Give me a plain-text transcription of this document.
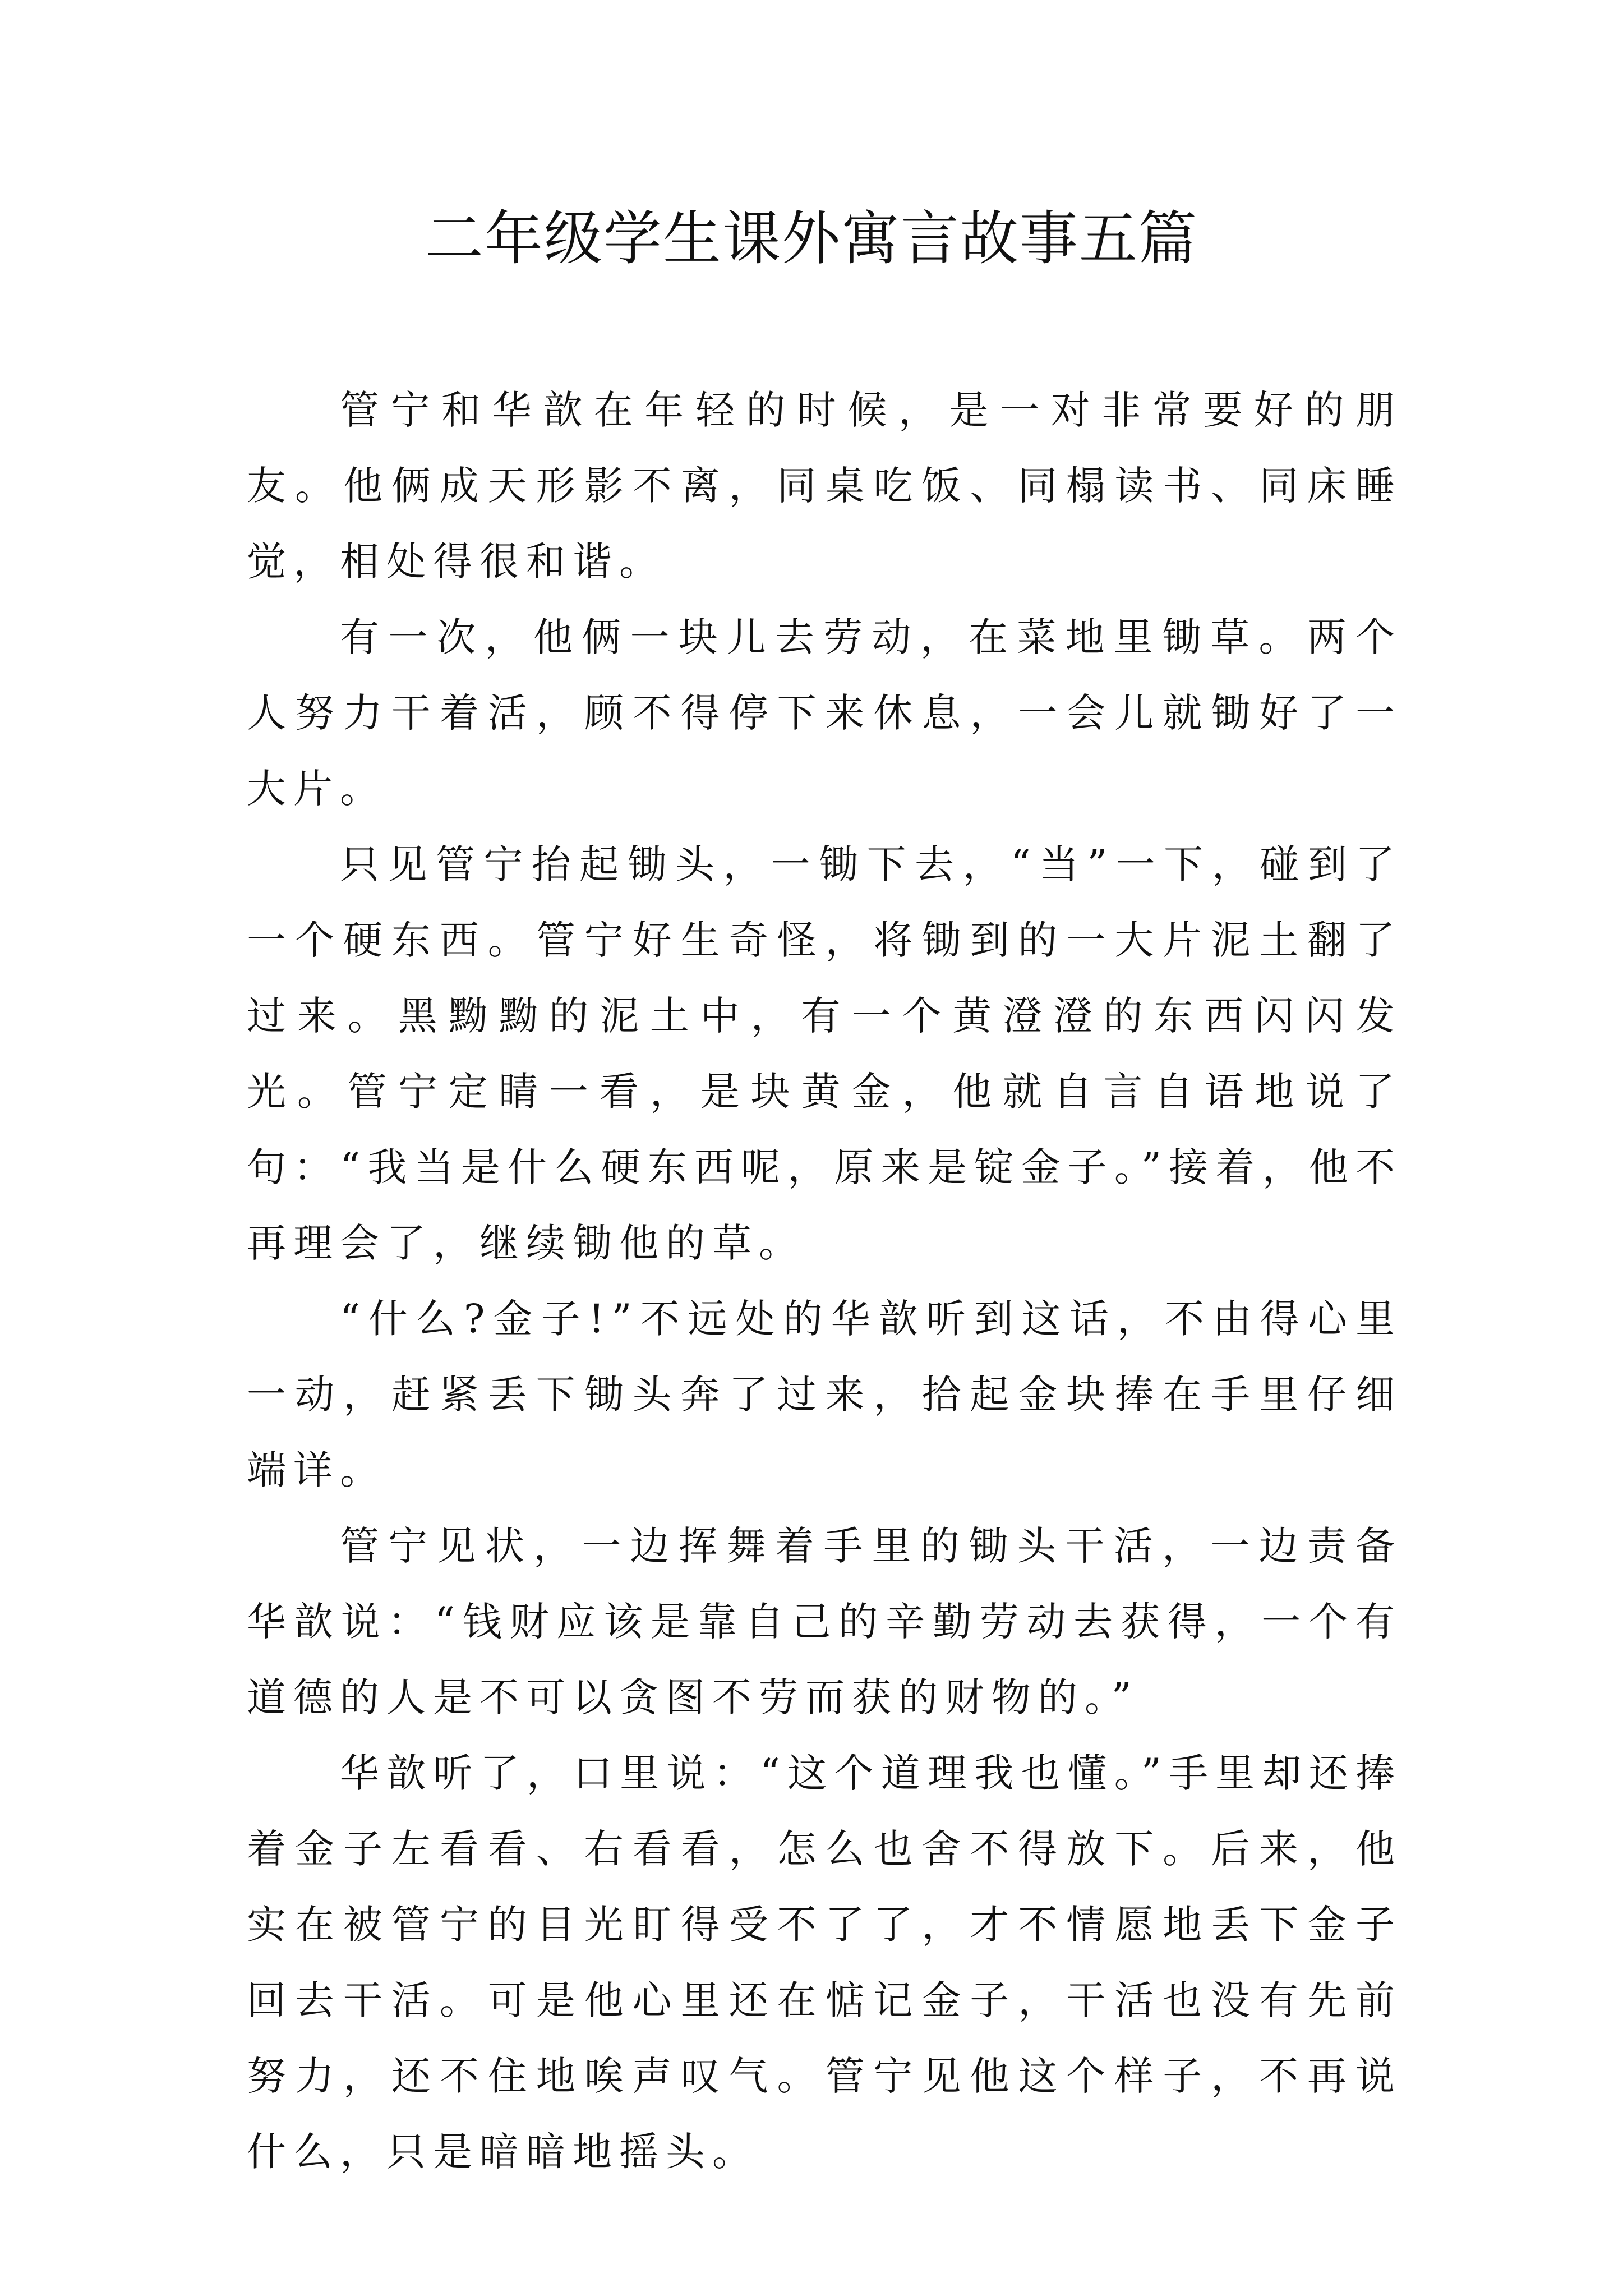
二年级学生课外寓言故事五篇

管宁和华歆在年轻的时候，是一对非常要好的朋友。他俩成天形影不离，同桌吃饭、同榻读书、同床睡觉，相处得很和谐。

有一次，他俩一块儿去劳动，在菜地里锄草。两个人努力干着活，顾不得停下来休息，一会儿就锄好了一大片。

只见管宁抬起锄头，一锄下去，“当”一下，碰到了一个硬东西。管宁好生奇怪，将锄到的一大片泥土翻了过来。黑黝黝的泥土中，有一个黄澄澄的东西闪闪发光。管宁定睛一看，是块黄金，他就自言自语地说了句：“我当是什么硬东西呢，原来是锭金子。”接着，他不再理会了，继续锄他的草。

“什么?金子!”不远处的华歆听到这话，不由得心里一动，赶紧丢下锄头奔了过来，拾起金块捧在手里仔细端详。

管宁见状，一边挥舞着手里的锄头干活，一边责备华歆说：“钱财应该是靠自己的辛勤劳动去获得，一个有道德的人是不可以贪图不劳而获的财物的。”

华歆听了，口里说：“这个道理我也懂。”手里却还捧着金子左看看、右看看，怎么也舍不得放下。后来，他实在被管宁的目光盯得受不了了，才不情愿地丢下金子回去干活。可是他心里还在惦记金子，干活也没有先前努力，还不住地唉声叹气。管宁见他这个样子，不再说什么，只是暗暗地摇头。
